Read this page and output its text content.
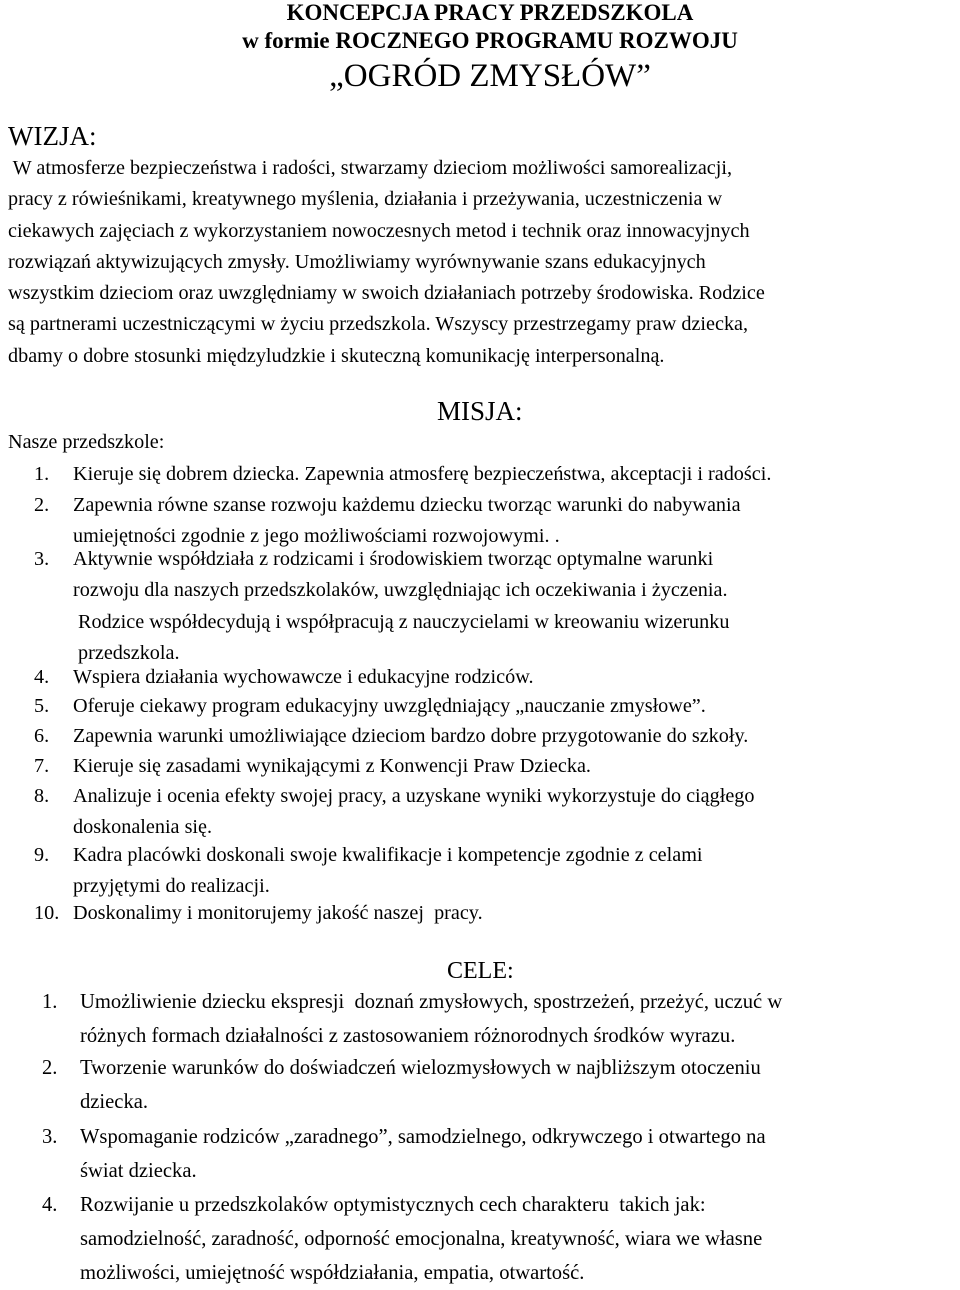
KONCEPCJA PRACY PRZEDSZKOLA
w formie ROCZNEGO PROGRAMU ROZWOJU
„OGRÓD ZMYSŁÓW”
WIZJA:
W atmosferze bezpieczeństwa i radości, stwarzamy dzieciom możliwości samorealizacji,
pracy z rówieśnikami, kreatywnego myślenia, działania i przeżywania, uczestniczenia w
ciekawych zajęciach z wykorzystaniem nowoczesnych metod i technik oraz innowacyjnych
rozwiązań aktywizujących zmysły. Umożliwiamy wyrównywanie szans edukacyjnych
wszystkim dzieciom oraz uwzględniamy w swoich działaniach potrzeby środowiska. Rodzice
są partnerami uczestniczącymi w życiu przedszkola. Wszyscy przestrzegamy praw dziecka,
dbamy o dobre stosunki międzyludzkie i skuteczną komunikację interpersonalną.
MISJA:
Nasze przedszkole:
1. Kieruje się dobrem dziecka. Zapewnia atmosferę bezpieczeństwa, akceptacji i radości.
2. Zapewnia równe szanse rozwoju każdemu dziecku tworząc warunki do nabywania
umiejętności zgodnie z jego możliwościami rozwojowymi. .
3. Aktywnie współdziała z rodzicami i środowiskiem tworząc optymalne warunki
rozwoju dla naszych przedszkolaków, uwzględniając ich oczekiwania i życzenia.
Rodzice współdecydują i współpracują z nauczycielami w kreowaniu wizerunku
przedszkola.
4. Wspiera działania wychowawcze i edukacyjne rodziców.
5. Oferuje ciekawy program edukacyjny uwzględniający „nauczanie zmysłowe”.
6. Zapewnia warunki umożliwiające dzieciom bardzo dobre przygotowanie do szkoły.
7. Kieruje się zasadami wynikającymi z Konwencji Praw Dziecka.
8. Analizuje i ocenia efekty swojej pracy, a uzyskane wyniki wykorzystuje do ciągłego
doskonalenia się.
9. Kadra placówki doskonali swoje kwalifikacje i kompetencje zgodnie z celami
przyjętymi do realizacji.
10. Doskonalimy i monitorujemy jakość naszej  pracy.
CELE:
1. Umożliwienie dziecku ekspresji  doznań zmysłowych, spostrzeżeń, przeżyć, uczuć w
różnych formach działalności z zastosowaniem różnorodnych środków wyrazu.
2. Tworzenie warunków do doświadczeń wielozmysłowych w najbliższym otoczeniu
dziecka.
3. Wspomaganie rodziców „zaradnego”, samodzielnego, odkrywczego i otwartego na
świat dziecka.
4. Rozwijanie u przedszkolaków optymistycznych cech charakteru  takich jak:
samodzielność, zaradność, odporność emocjonalna, kreatywność, wiara we własne
możliwości, umiejętność współdziałania, empatia, otwartość.
